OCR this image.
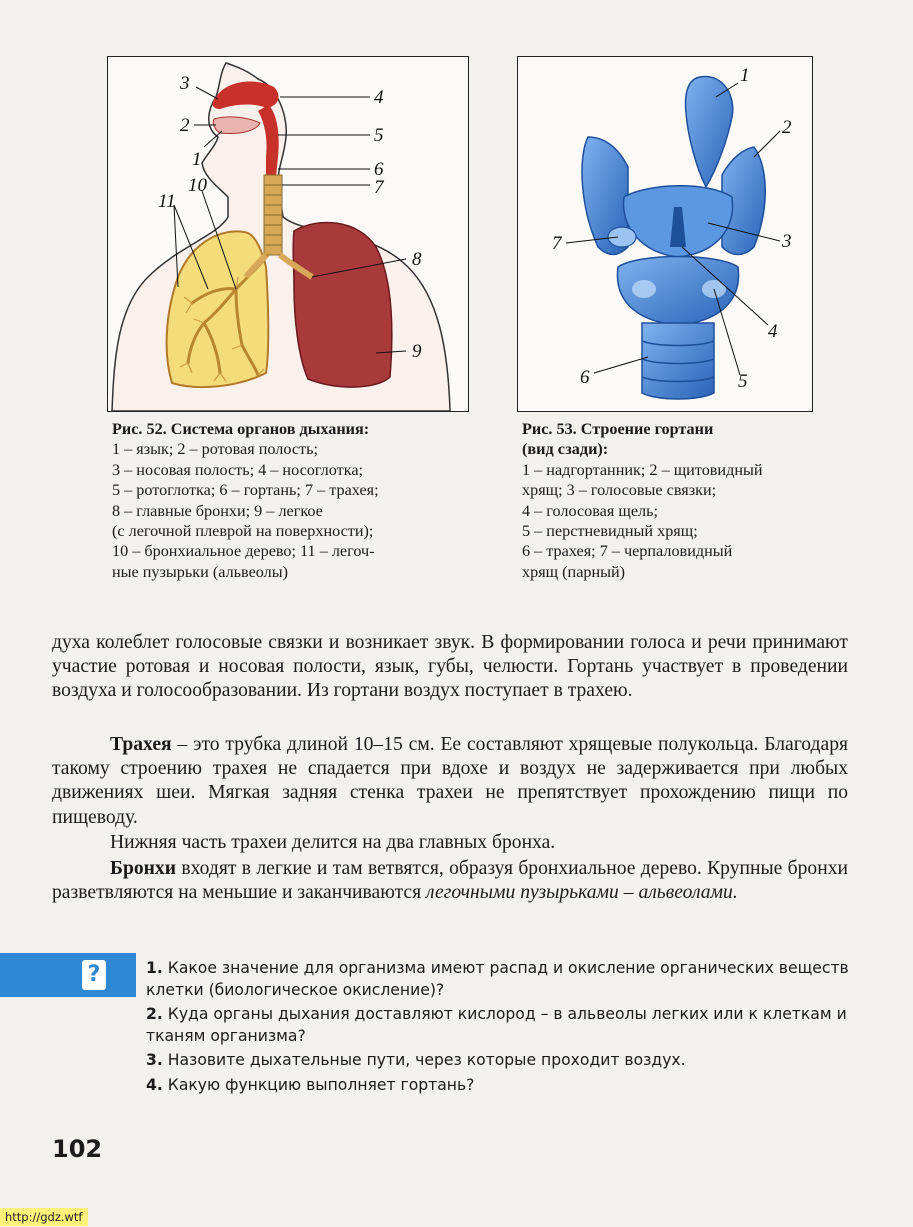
3
2
1
4
5
6
7
10
11
8
9
1
2
3
7
4
5
6
Рис. 52. Система органов дыхания:
1 – язык; 2 – ротовая полость;
3 – носовая полость; 4 – носоглотка;
5 – ротоглотка; 6 – гортань; 7 – трахея;
8 – главные бронхи; 9 – легкое
(с легочной плеврой на поверхности);
10 – бронхиальное дерево; 11 – легоч-
ные пузырьки (альвеолы)
Рис. 53. Строение гортани
(вид сзади):
1 – надгортанник; 2 – щитовидный
хрящ; 3 – голосовые связки;
4 – голосовая щель;
5 – перстневидный хрящ;
6 – трахея; 7 – черпаловидный
хрящ (парный)
духа колеблет голосовые связки и возникает звук. В формировании голоса и речи принимают участие ротовая и носовая полости, язык, губы, челюсти. Гортань участвует в проведении воздуха и голосообразовании. Из гортани воздух поступает в трахею.
Трахея – это трубка длиной 10–15 см. Ее составляют хрящевые полукольца. Благодаря такому строению трахея не спадается при вдохе и воздух не задерживается при любых движениях шеи. Мягкая задняя стенка трахеи не препятствует прохождению пищи по пищеводу.
Нижняя часть трахеи делится на два главных бронха.
Бронхи входят в легкие и там ветвятся, образуя бронхиальное дерево. Крупные бронхи разветвляются на меньшие и заканчиваются легочными пузырьками – альвеолами.
?	1. Какое значение для организма имеют распад и окисление органических веществ клетки (биологическое окисление)?
2. Куда органы дыхания доставляют кислород – в альвеолы легких или к клеткам и тканям организма?
3. Назовите дыхательные пути, через которые проходит воздух.
4. Какую функцию выполняет гортань?
102
http://gdz.wtf
